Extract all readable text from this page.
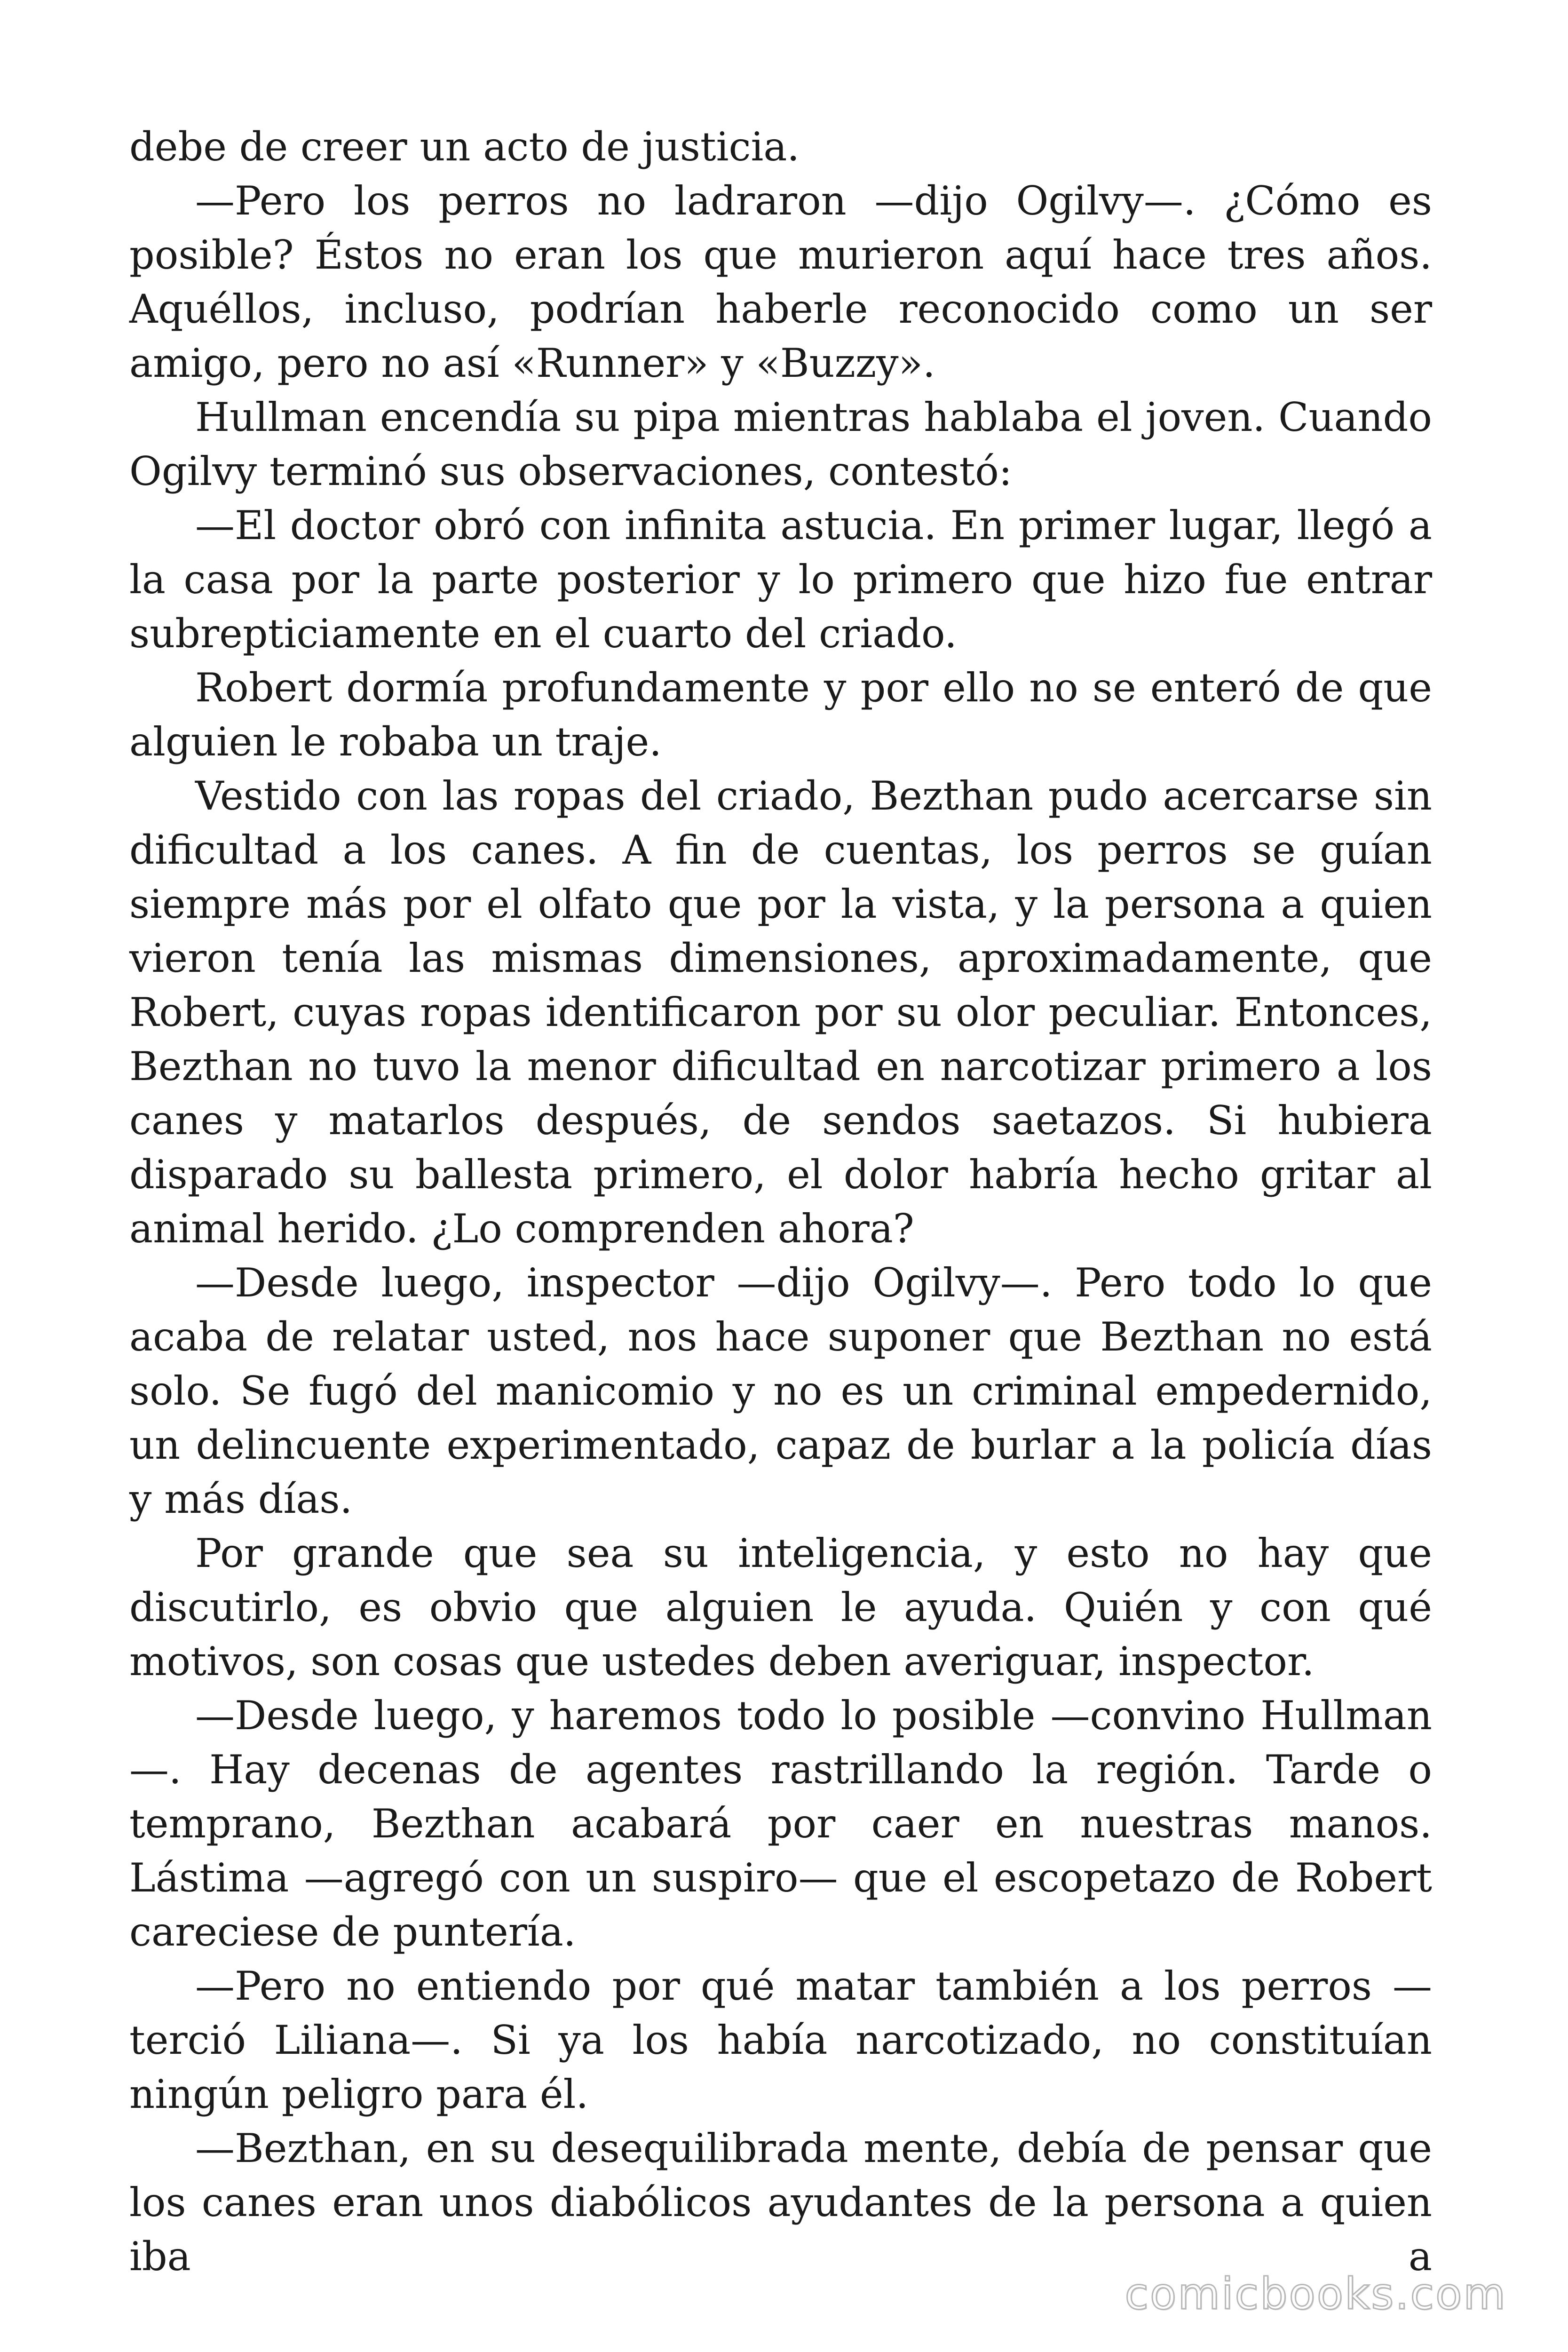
debe de creer un acto de justicia.

—Pero los perros no ladraron —dijo Ogilvy—. ¿Cómo es posible? Éstos no eran los que murieron aquí hace tres años. Aquéllos, incluso, podrían haberle reconocido como un ser amigo, pero no así «Runner» y «Buzzy».

Hullman encendía su pipa mientras hablaba el joven. Cuando Ogilvy terminó sus observaciones, contestó:

—El doctor obró con infinita astucia. En primer lugar, llegó a la casa por la parte posterior y lo primero que hizo fue entrar subrepticiamente en el cuarto del criado.

Robert dormía profundamente y por ello no se enteró de que alguien le robaba un traje.

Vestido con las ropas del criado, Bezthan pudo acercarse sin dificultad a los canes. A fin de cuentas, los perros se guían siempre más por el olfato que por la vista, y la persona a quien vieron tenía las mismas dimensiones, aproximadamente, que Robert, cuyas ropas identificaron por su olor peculiar. Entonces, Bezthan no tuvo la menor dificultad en narcotizar primero a los canes y matarlos después, de sendos saetazos. Si hubiera disparado su ballesta primero, el dolor habría hecho gritar al animal herido. ¿Lo comprenden ahora?

—Desde luego, inspector —dijo Ogilvy—. Pero todo lo que acaba de relatar usted, nos hace suponer que Bezthan no está solo. Se fugó del manicomio y no es un criminal empedernido, un delincuente experimentado, capaz de burlar a la policía días y más días.

Por grande que sea su inteligencia, y esto no hay que discutirlo, es obvio que alguien le ayuda. Quién y con qué motivos, son cosas que ustedes deben averiguar, inspector.

—Desde luego, y haremos todo lo posible —convino Hullman—. Hay decenas de agentes rastrillando la región. Tarde o temprano, Bezthan acabará por caer en nuestras manos. Lástima —agregó con un suspiro— que el escopetazo de Robert careciese de puntería.

—Pero no entiendo por qué matar también a los perros —terció Liliana—. Si ya los había narcotizado, no constituían ningún peligro para él.

—Bezthan, en su desequilibrada mente, debía de pensar que los canes eran unos diabólicos ayudantes de la persona a quien iba a

comicbooks.com
